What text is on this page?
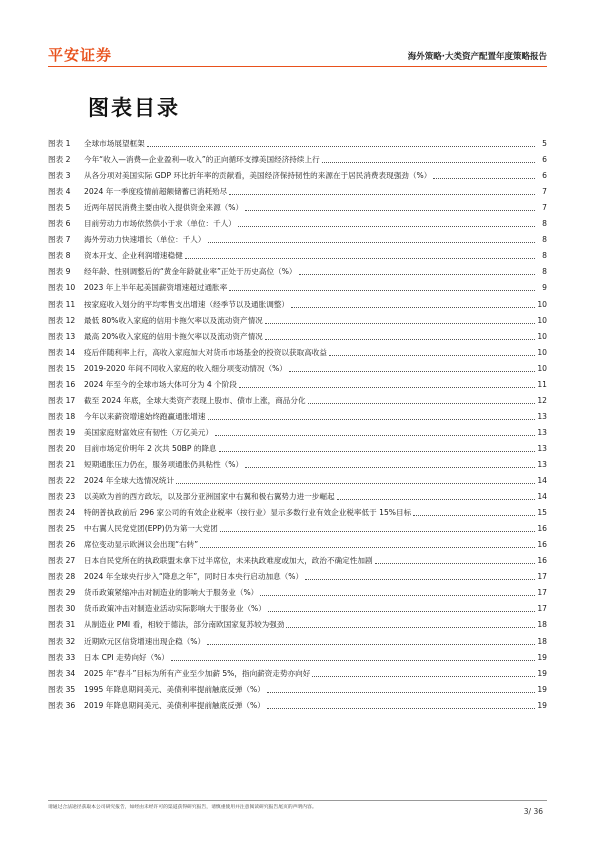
平安证券	海外策略·大类资产配置年度策略报告
图表目录
图表 1	全球市场展望框架	5
图表 2	今年“收入—消费—企业盈利—收入”的正向循环支撑美国经济持续上行	6
图表 3	从各分项对美国实际 GDP 环比折年率的贡献看，美国经济保持韧性的来源在于居民消费表现强劲（%）	6
图表 4	2024 年一季度疫情前超额储蓄已消耗殆尽	7
图表 5	近两年居民消费主要由收入提供资金来源（%）	7
图表 6	目前劳动力市场依然供小于求（单位：千人）	8
图表 7	海外劳动力快速增长（单位：千人）	8
图表 8	资本开支、企业利润增速稳健	8
图表 9	经年龄、性别调整后的“黄金年龄就业率”正处于历史高位（%）	8
图表 10	2023 年上半年起美国薪资增速超过通胀率	9
图表 11	按家庭收入划分的平均零售支出增速（经季节以及通胀调整）	10
图表 12	最低 80%收入家庭的信用卡拖欠率以及流动资产情况	10
图表 13	最高 20%收入家庭的信用卡拖欠率以及流动资产情况	10
图表 14	疫后伴随利率上行，高收入家庭加大对货币市场基金的投资以获取高收益	10
图表 15	2019-2020 年间不同收入家庭的收入细分项变动情况（%）	10
图表 16	2024 年至今的全球市场大体可分为 4 个阶段	11
图表 17	截至 2024 年底，全球大类资产表现上股市、债市上涨，商品分化	12
图表 18	今年以来薪资增速始终跑赢通胀增速	13
图表 19	美国家庭财富效应有韧性（万亿美元）	13
图表 20	目前市场定价明年 2 次共 50BP 的降息	13
图表 21	短期通胀压力仍在，服务项通胀仍具粘性（%）	13
图表 22	2024 年全球大选情况统计	14
图表 23	以美欧为首的西方政坛，以及部分亚洲国家中右翼和极右翼势力进一步崛起	14
图表 24	特朗普执政前后 296 家公司的有效企业税率（按行业）显示多数行业有效企业税率低于 15%目标	15
图表 25	中右翼人民党党团(EPP)仍为第一大党团	16
图表 26	席位变动显示欧洲议会出现“右转”	16
图表 27	日本自民党所在的执政联盟未拿下过半席位，未来执政难度或加大，政治不确定性加剧	16
图表 28	2024 年全球央行步入“降息之年”，同时日本央行启动加息（%）	17
图表 29	货币政策紧缩冲击对制造业的影响大于服务业（%）	17
图表 30	货币政策冲击对制造业活动实际影响大于服务业（%）	17
图表 31	从制造业 PMI 看，相较于德法，部分南欧国家复苏较为强劲	18
图表 32	近期欧元区信贷增速出现企稳（%）	18
图表 33	日本 CPI 走势向好（%）	19
图表 34	2025 年“春斗”目标为所有产业至少加薪 5%，指向薪资走势亦向好	19
图表 35	1995 年降息期间美元、美债利率提前触底反弹（%）	19
图表 36	2019 年降息期间美元、美债利率提前触底反弹（%）	19
请通过合法途径获取本公司研究报告，如经由未经许可的渠道获得研究报告，请慎重使用并注意阅读研究报告尾页的声明内容。	3/ 36
